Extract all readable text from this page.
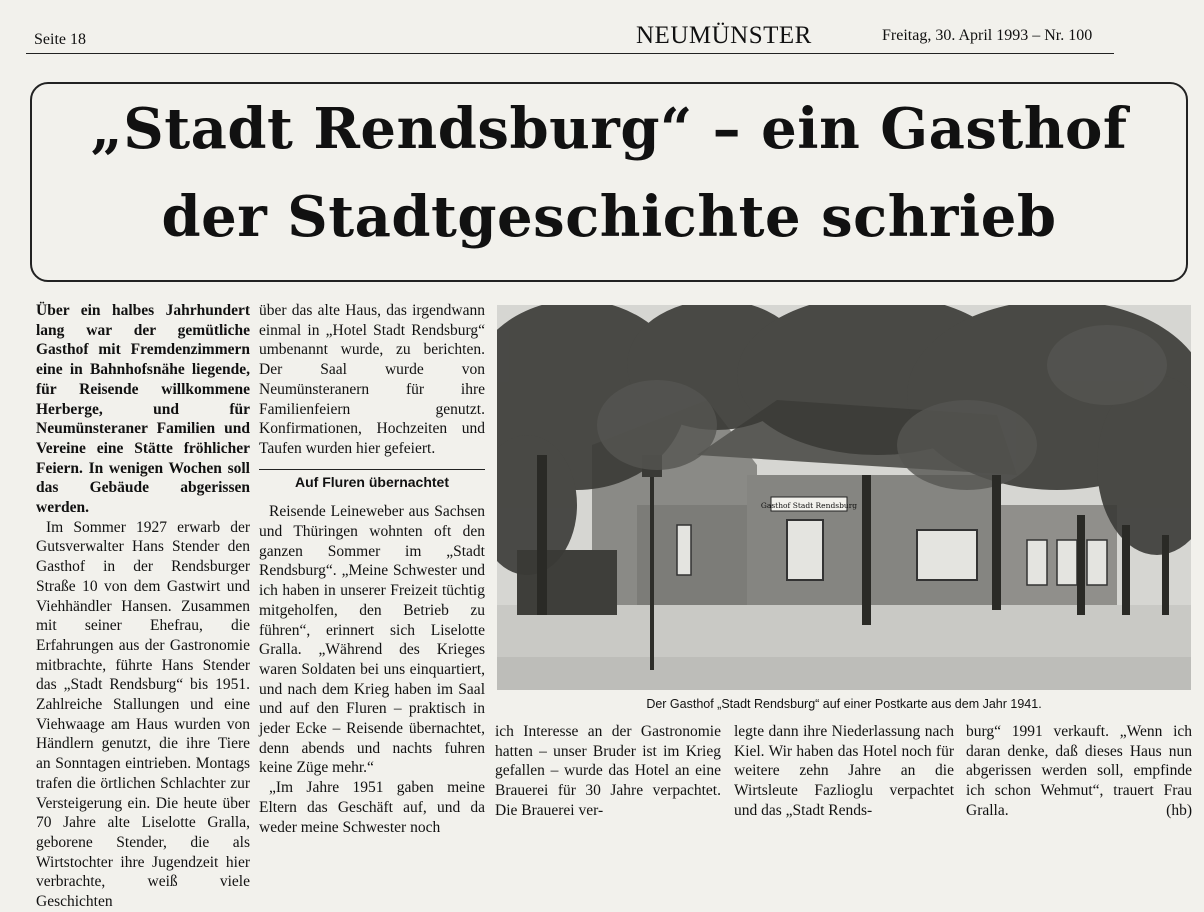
Seite 18	NEUMÜNSTER	Freitag, 30. April 1993 – Nr. 100
„Stadt Rendsburg“ – ein Gasthof
der Stadtgeschichte schrieb

Über ein halbes Jahrhundert lang war der gemütliche Gasthof mit Fremdenzimmern eine in Bahnhofsnähe liegende, für Reisende willkommene Herberge, und für Neumünsteraner Familien und Vereine eine Stätte fröhlicher Feiern. In wenigen Wochen soll das Gebäude abgerissen werden.

Im Sommer 1927 erwarb der Gutsverwalter Hans Stender den Gasthof in der Rendsburger Straße 10 von dem Gastwirt und Viehhändler Hansen. Zusammen mit seiner Ehefrau, die Erfahrungen aus der Gastronomie mitbrachte, führte Hans Stender das „Stadt Rendsburg“ bis 1951. Zahlreiche Stallungen und eine Viehwaage am Haus wurden von Händlern genutzt, die ihre Tiere an Sonntagen eintrieben. Montags trafen die örtlichen Schlachter zur Versteigerung ein. Die heute über 70 Jahre alte Liselotte Gralla, geborene Stender, die als Wirtstochter ihre Jugendzeit hier verbrachte, weiß viele Geschichten

über das alte Haus, das irgendwann einmal in „Hotel Stadt Rendsburg“ umbenannt wurde, zu berichten. Der Saal wurde von Neumünsteranern für ihre Familienfeiern genutzt. Konfirmationen, Hochzeiten und Taufen wurden hier gefeiert.

Auf Fluren übernachtet

Reisende Leineweber aus Sachsen und Thüringen wohnten oft den ganzen Sommer im „Stadt Rendsburg“. „Meine Schwester und ich haben in unserer Freizeit tüchtig mitgeholfen, den Betrieb zu führen“, erinnert sich Liselotte Gralla. „Während des Krieges waren Soldaten bei uns einquartiert, und nach dem Krieg haben im Saal und auf den Fluren – praktisch in jeder Ecke – Reisende übernachtet, denn abends und nachts fuhren keine Züge mehr.“

„Im Jahre 1951 gaben meine Eltern das Geschäft auf, und da weder meine Schwester noch

Gasthof Stadt Rendsburg
Der Gasthof „Stadt Rendsburg“ auf einer Postkarte aus dem Jahr 1941.

ich Interesse an der Gastronomie hatten – unser Bruder ist im Krieg gefallen – wurde das Hotel an eine Brauerei für 30 Jahre verpachtet. Die Brauerei ver-

legte dann ihre Niederlassung nach Kiel. Wir haben das Hotel noch für weitere zehn Jahre an die Wirtsleute Fazlioglu verpachtet und das „Stadt Rends-

burg“ 1991 verkauft. „Wenn ich daran denke, daß dieses Haus nun abgerissen werden soll, empfinde ich schon Wehmut“, trauert Frau Gralla.	(hb)
